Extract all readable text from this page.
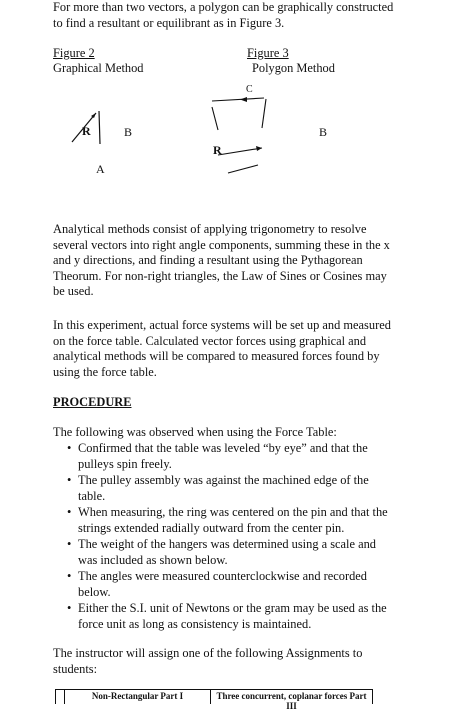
For more than two vectors, a polygon can be graphically constructed to find a resultant or equilibrant as in Figure 3.

Figure 2
Graphical Method
Figure 3
Polygon Method
R	B
A
C
R
B

Analytical methods consist of applying trigonometry to resolve several vectors into right angle components, summing these in the x and y directions, and finding a resultant using the Pythagorean Theorum. For non-right triangles, the Law of Sines or Cosines may be used.

In this experiment, actual force systems will be set up and measured on the force table. Calculated vector forces using graphical and analytical methods will be compared to measured forces found by using the force table.

PROCEDURE

The following was observed when using the Force Table:

• Confirmed that the table was leveled “by eye” and that the pulleys spin freely.
• The pulley assembly was against the machined edge of the table.
• When measuring, the ring was centered on the pin and that the strings extended radially outward from the center pin.
• The weight of the hangers was determined using a scale and was included as shown below.
• The angles were measured counterclockwise and recorded below.
• Either the S.I. unit of Newtons or the gram may be used as the force unit as long as consistency is maintained.

The instructor will assign one of the following Assignments to students:

Non-Rectangular Part I	Three concurrent, coplanar forces Part III
